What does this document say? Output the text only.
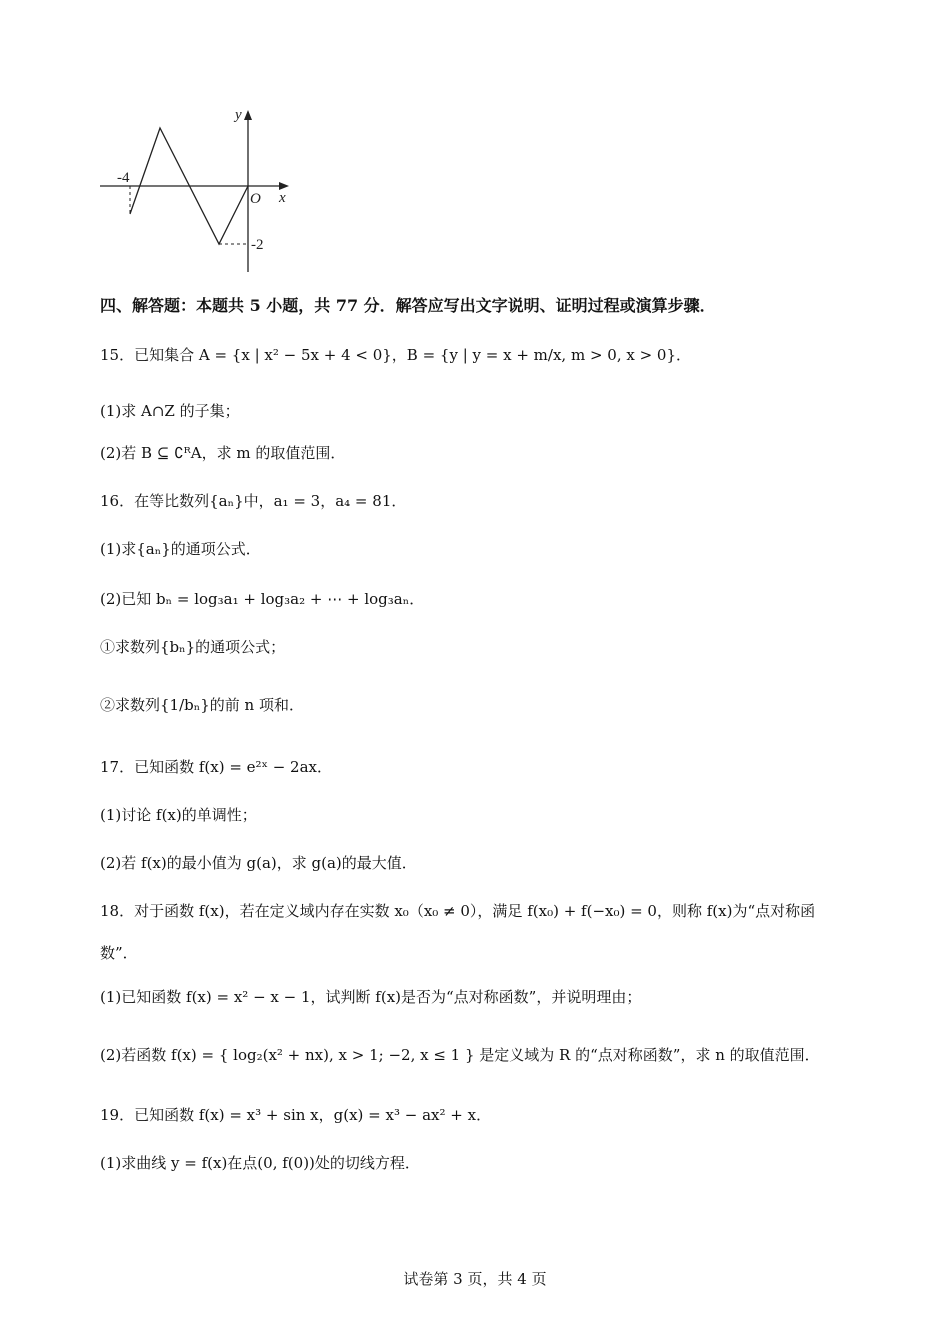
y
x
O
-4
-2
四、解答题：本题共 5 小题，共 77 分．解答应写出文字说明、证明过程或演算步骤．
15．已知集合 A = {x | x² − 5x + 4 < 0}，B = {y | y = x + m/x, m > 0, x > 0}．
(1)求 A∩Z 的子集；
(2)若 B ⊆ ∁ᴿA，求 m 的取值范围．
16．在等比数列{aₙ}中，a₁ = 3，a₄ = 81．
(1)求{aₙ}的通项公式．
(2)已知 bₙ = log₃a₁ + log₃a₂ + ⋯ + log₃aₙ．
①求数列{bₙ}的通项公式；
②求数列{1/bₙ}的前 n 项和．
17．已知函数 f(x) = e²ˣ − 2ax．
(1)讨论 f(x)的单调性；
(2)若 f(x)的最小值为 g(a)，求 g(a)的最大值．
18．对于函数 f(x)，若在定义域内存在实数 x₀（x₀ ≠ 0），满足 f(x₀) + f(−x₀) = 0，则称 f(x)为“点对称函
数”．
(1)已知函数 f(x) = x² − x − 1，试判断 f(x)是否为“点对称函数”，并说明理由；
(2)若函数 f(x) = { log₂(x² + nx), x > 1; −2, x ≤ 1 } 是定义域为 R 的“点对称函数”，求 n 的取值范围．
19．已知函数 f(x) = x³ + sin x，g(x) = x³ − ax² + x．
(1)求曲线 y = f(x)在点(0, f(0))处的切线方程．
试卷第 3 页，共 4 页
